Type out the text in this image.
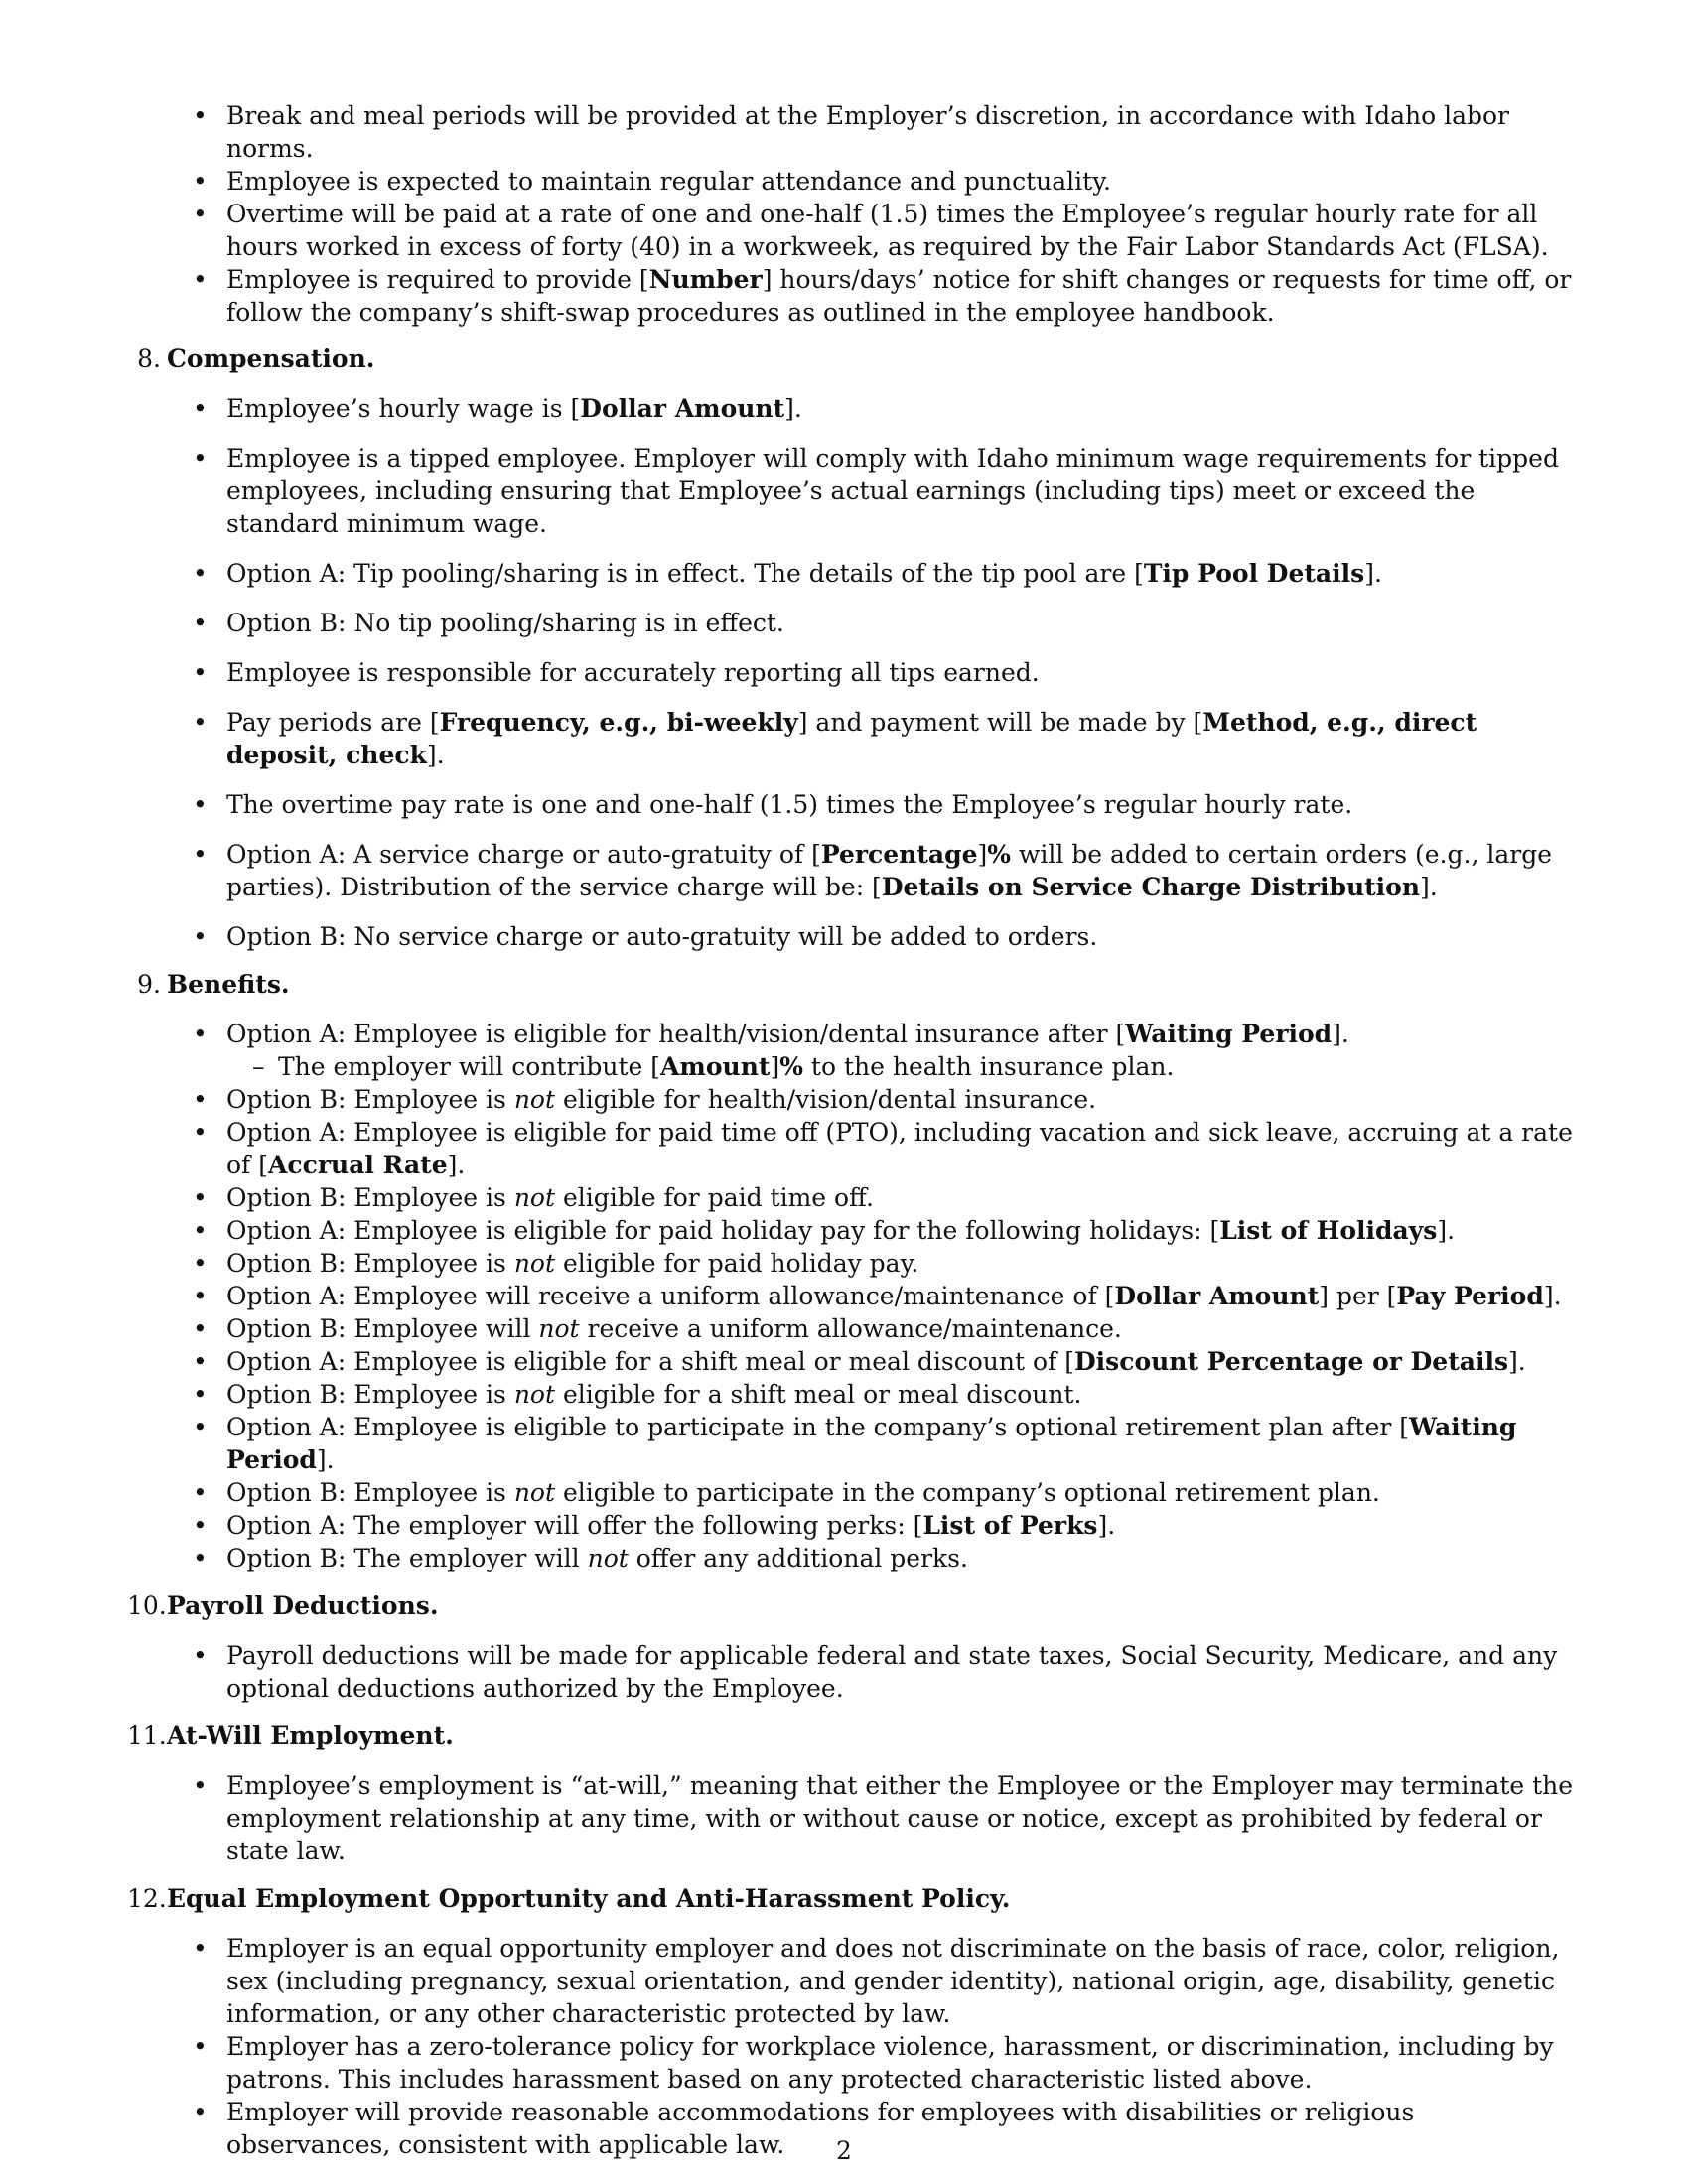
• Break and meal periods will be provided at the Employer’s discretion, in accordance with Idaho labor norms.
• Employee is expected to maintain regular attendance and punctuality.
• Overtime will be paid at a rate of one and one-half (1.5) times the Employee’s regular hourly rate for all hours worked in excess of forty (40) in a workweek, as required by the Fair Labor Standards Act (FLSA).
• Employee is required to provide [Number] hours/days’ notice for shift changes or requests for time off, or follow the company’s shift-swap procedures as outlined in the employee handbook.
8. Compensation.
• Employee’s hourly wage is [Dollar Amount].
• Employee is a tipped employee. Employer will comply with Idaho minimum wage requirements for tipped employees, including ensuring that Employee’s actual earnings (including tips) meet or exceed the standard minimum wage.
• Option A: Tip pooling/sharing is in effect. The details of the tip pool are [Tip Pool Details].
• Option B: No tip pooling/sharing is in effect.
• Employee is responsible for accurately reporting all tips earned.
• Pay periods are [Frequency, e.g., bi-weekly] and payment will be made by [Method, e.g., direct deposit, check].
• The overtime pay rate is one and one-half (1.5) times the Employee’s regular hourly rate.
• Option A: A service charge or auto-gratuity of [Percentage]% will be added to certain orders (e.g., large parties). Distribution of the service charge will be: [Details on Service Charge Distribution].
• Option B: No service charge or auto-gratuity will be added to orders.
9. Benefits.
• Option A: Employee is eligible for health/vision/dental insurance after [Waiting Period].
– The employer will contribute [Amount]% to the health insurance plan.
• Option B: Employee is not eligible for health/vision/dental insurance.
• Option A: Employee is eligible for paid time off (PTO), including vacation and sick leave, accruing at a rate of [Accrual Rate].
• Option B: Employee is not eligible for paid time off.
• Option A: Employee is eligible for paid holiday pay for the following holidays: [List of Holidays].
• Option B: Employee is not eligible for paid holiday pay.
• Option A: Employee will receive a uniform allowance/maintenance of [Dollar Amount] per [Pay Period].
• Option B: Employee will not receive a uniform allowance/maintenance.
• Option A: Employee is eligible for a shift meal or meal discount of [Discount Percentage or Details].
• Option B: Employee is not eligible for a shift meal or meal discount.
• Option A: Employee is eligible to participate in the company’s optional retirement plan after [Waiting Period].
• Option B: Employee is not eligible to participate in the company’s optional retirement plan.
• Option A: The employer will offer the following perks: [List of Perks].
• Option B: The employer will not offer any additional perks.
10. Payroll Deductions.
• Payroll deductions will be made for applicable federal and state taxes, Social Security, Medicare, and any optional deductions authorized by the Employee.
11. At-Will Employment.
• Employee’s employment is “at-will,” meaning that either the Employee or the Employer may terminate the employment relationship at any time, with or without cause or notice, except as prohibited by federal or state law.
12. Equal Employment Opportunity and Anti-Harassment Policy.
• Employer is an equal opportunity employer and does not discriminate on the basis of race, color, religion, sex (including pregnancy, sexual orientation, and gender identity), national origin, age, disability, genetic information, or any other characteristic protected by law.
• Employer has a zero-tolerance policy for workplace violence, harassment, or discrimination, including by patrons. This includes harassment based on any protected characteristic listed above.
• Employer will provide reasonable accommodations for employees with disabilities or religious observances, consistent with applicable law.	2
